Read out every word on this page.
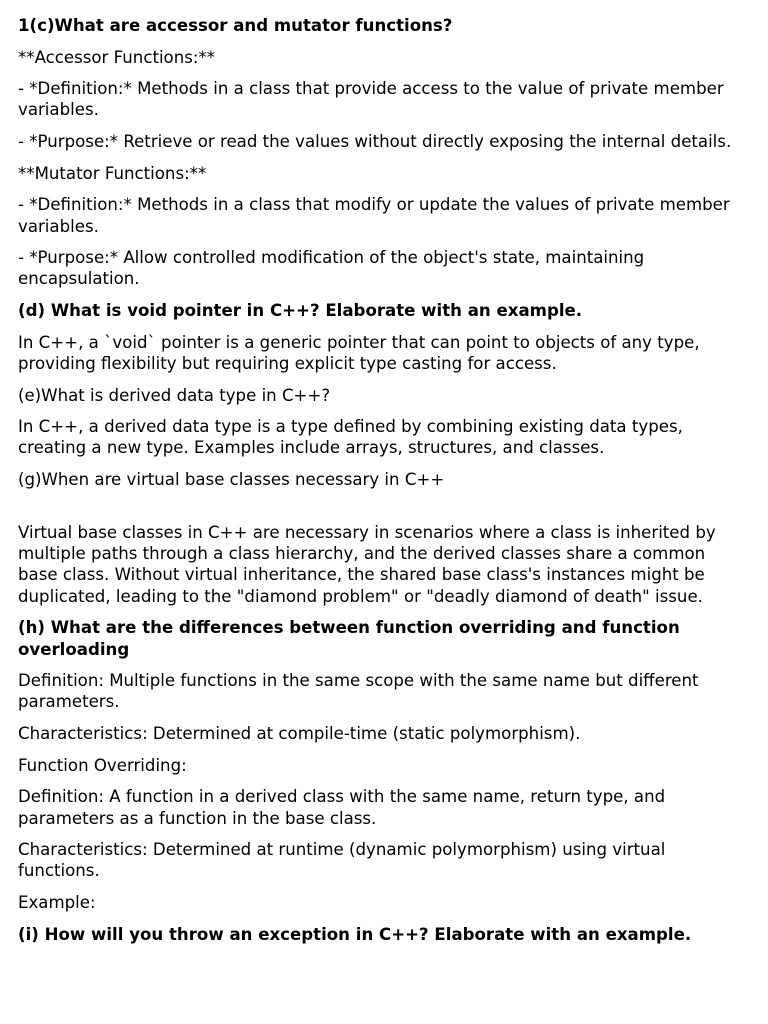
1(c)What are accessor and mutator functions?

**Accessor Functions:**

- *Definition:* Methods in a class that provide access to the value of private member variables.

- *Purpose:* Retrieve or read the values without directly exposing the internal details.

**Mutator Functions:**

- *Definition:* Methods in a class that modify or update the values of private member variables.

- *Purpose:* Allow controlled modification of the object's state, maintaining encapsulation.

(d) What is void pointer in C++? Elaborate with an example.

In C++, a `void` pointer is a generic pointer that can point to objects of any type, providing flexibility but requiring explicit type casting for access.

(e)What is derived data type in C++?

In C++, a derived data type is a type defined by combining existing data types, creating a new type. Examples include arrays, structures, and classes.

(g)When are virtual base classes necessary in C++

Virtual base classes in C++ are necessary in scenarios where a class is inherited by multiple paths through a class hierarchy, and the derived classes share a common base class. Without virtual inheritance, the shared base class's instances might be duplicated, leading to the "diamond problem" or "deadly diamond of death" issue.

(h) What are the differences between function overriding and function overloading

Definition: Multiple functions in the same scope with the same name but different parameters.

Characteristics: Determined at compile-time (static polymorphism).

Function Overriding:

Definition: A function in a derived class with the same name, return type, and parameters as a function in the base class.

Characteristics: Determined at runtime (dynamic polymorphism) using virtual functions.

Example:

(i) How will you throw an exception in C++? Elaborate with an example.
